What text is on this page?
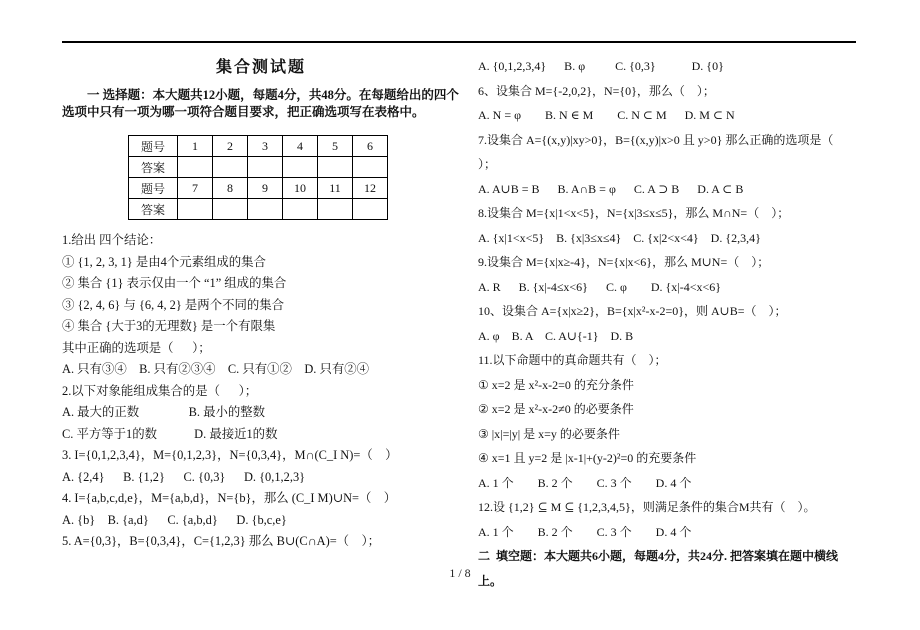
集合测试题
一 选择题：本大题共12小题，每题4分，共48分。在每题给出的四个选项中只有一项为哪一项符合题目要求，把正确选项写在表格中。
题号	1	2	3	4	5	6
答案						
题号	7	8	9	10	11	12
答案						
1.给出 四个结论：
① {1, 2, 3, 1} 是由4个元素组成的集合
② 集合 {1} 表示仅由一个 “1” 组成的集合
③ {2, 4, 6} 与 {6, 4, 2} 是两个不同的集合
④ 集合 {大于3的无理数} 是一个有限集
其中正确的选项是（      ）；
A. 只有③④    B. 只有②③④    C. 只有①②    D. 只有②④
2.以下对象能组成集合的是（      ）；
A. 最大的正数                B. 最小的整数
C. 平方等于1的数            D. 最接近1的数
3. I={0,1,2,3,4}，M={0,1,2,3}，N={0,3,4}，M∩(C_I N)=（    ）
A. {2,4}      B. {1,2}      C. {0,3}      D. {0,1,2,3}
4. I={a,b,c,d,e}，M={a,b,d}，N={b}，那么 (C_I M)∪N=（    ）
A. {b}    B. {a,d}      C. {a,b,d}      D. {b,c,e}
5. A={0,3}，B={0,3,4}，C={1,2,3} 那么 B∪(C∩A)=（    ）；
A. {0,1,2,3,4}      B. φ          C. {0,3}            D. {0}
6、设集合 M={-2,0,2}，N={0}，那么（    ）；
A. N = φ        B. N ∈ M        C. N ⊂ M      D. M ⊂ N
7.设集合 A={(x,y)|xy>0}，B={(x,y)|x>0 且 y>0} 那么正确的选项是（    ）；
A. A∪B = B      B. A∩B = φ      C. A ⊃ B      D. A ⊂ B
8.设集合 M={x|1<x<5}，N={x|3≤x≤5}，那么 M∩N=（    ）；
A. {x|1<x<5}    B. {x|3≤x≤4}    C. {x|2<x<4}    D. {2,3,4}
9.设集合 M={x|x≥-4}，N={x|x<6}，那么 M∪N=（    ）；
A. R      B. {x|-4≤x<6}      C. φ        D. {x|-4<x<6}
10、设集合 A={x|x≥2}，B={x|x²-x-2=0}，则 A∪B=（    ）；
A. φ    B. A    C. A∪{-1}    D. B
11.以下命题中的真命题共有（    ）；
① x=2 是 x²-x-2=0 的充分条件
② x=2 是 x²-x-2≠0 的必要条件
③ |x|=|y| 是 x=y 的必要条件
④ x=1 且 y=2 是 |x-1|+(y-2)²=0 的充要条件
A. 1 个        B. 2 个        C. 3 个        D. 4 个
12.设 {1,2} ⊆ M ⊆ {1,2,3,4,5}，则满足条件的集合M共有（    ）。
A. 1 个        B. 2 个        C. 3 个        D. 4 个
二  填空题：本大题共6小题，每题4分，共24分. 把答案填在题中横线上。
1 / 8
